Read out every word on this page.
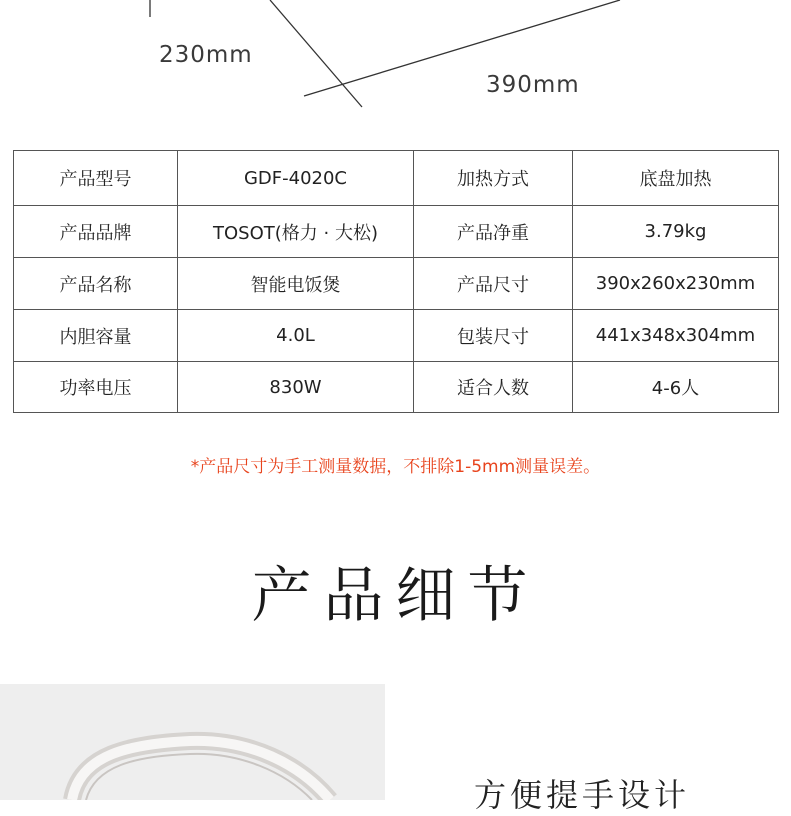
230mm
390mm
产品型号	GDF-4020C	加热方式	底盘加热
产品品牌	TOSOT(格力 · 大松)	产品净重	3.79kg
产品名称	智能电饭煲	产品尺寸	390x260x230mm
内胆容量	4.0L	包装尺寸	441x348x304mm
功率电压	830W	适合人数	4-6人
*产品尺寸为手工测量数据，不排除1-5mm测量误差。
产品细节
方便提手设计
